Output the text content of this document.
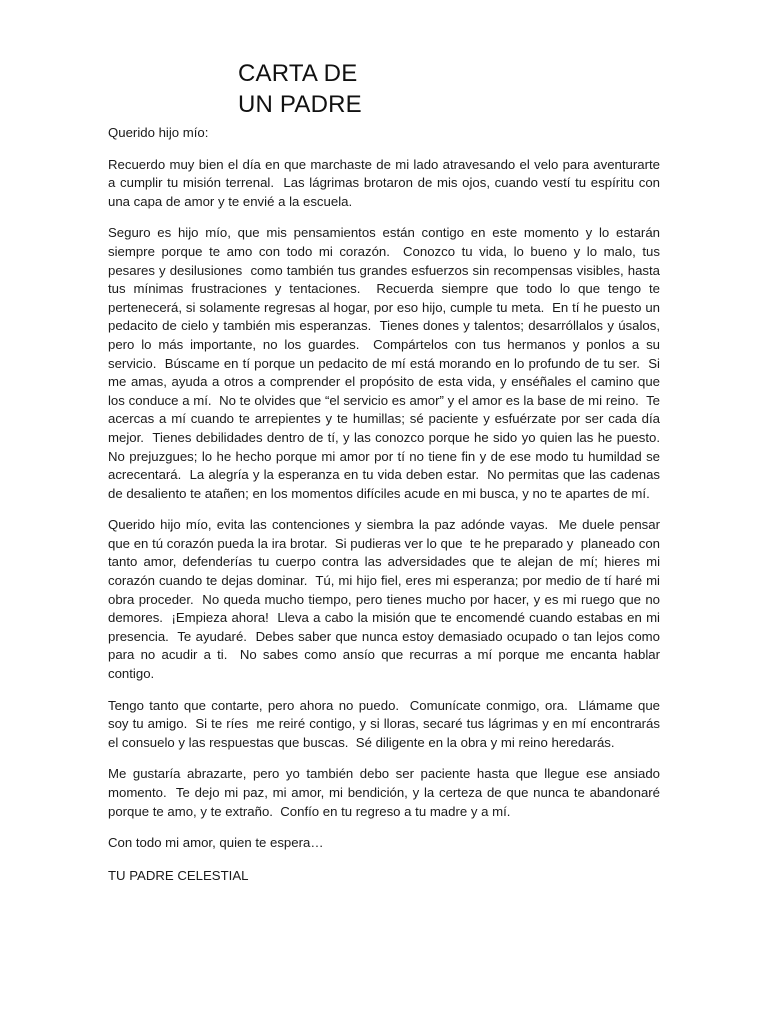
CARTA DE
UN PADRE

Querido hijo mío:

Recuerdo muy bien el día en que marchaste de mi lado atravesando el velo para aventurarte a cumplir tu misión terrenal.  Las lágrimas brotaron de mis ojos, cuando vestí tu espíritu con una capa de amor y te envié a la escuela.

Seguro es hijo mío, que mis pensamientos están contigo en este momento y lo estarán siempre porque te amo con todo mi corazón.  Conozco tu vida, lo bueno y lo malo, tus pesares y desilusiones  como también tus grandes esfuerzos sin recompensas visibles, hasta tus mínimas frustraciones y tentaciones.  Recuerda siempre que todo lo que tengo te pertenecerá, si solamente regresas al hogar, por eso hijo, cumple tu meta.  En tí he puesto un pedacito de cielo y también mis esperanzas.  Tienes dones y talentos; desarróllalos y úsalos, pero lo más importante, no los guardes.  Compártelos con tus hermanos y ponlos a su servicio.  Búscame en tí porque un pedacito de mí está morando en lo profundo de tu ser.  Si me amas, ayuda a otros a comprender el propósito de esta vida, y enséñales el camino que los conduce a mí.  No te olvides que “el servicio es amor” y el amor es la base de mi reino.  Te acercas a mí cuando te arrepientes y te humillas; sé paciente y esfuérzate por ser cada día mejor.  Tienes debilidades dentro de tí, y las conozco porque he sido yo quien las he puesto.  No prejuzgues; lo he hecho porque mi amor por tí no tiene fin y de ese modo tu humildad se acrecentará.  La alegría y la esperanza en tu vida deben estar.  No permitas que las cadenas de desaliento te atañen; en los momentos difíciles acude en mi busca, y no te apartes de mí.

Querido hijo mío, evita las contenciones y siembra la paz adónde vayas.  Me duele pensar que en tú corazón pueda la ira brotar.  Si pudieras ver lo que  te he preparado y  planeado con tanto amor, defenderías tu cuerpo contra las adversidades que te alejan de mí; hieres mi corazón cuando te dejas dominar.  Tú, mi hijo fiel, eres mi esperanza; por medio de tí haré mi obra proceder.  No queda mucho tiempo, pero tienes mucho por hacer, y es mi ruego que no demores.  ¡Empieza ahora!  Lleva a cabo la misión que te encomendé cuando estabas en mi presencia.  Te ayudaré.  Debes saber que nunca estoy demasiado ocupado o tan lejos como para no acudir a ti.  No sabes como ansío que recurras a mí porque me encanta hablar contigo.

Tengo tanto que contarte, pero ahora no puedo.  Comunícate conmigo, ora.  Llámame que soy tu amigo.  Si te ríes  me reiré contigo, y si lloras, secaré tus lágrimas y en mí encontrarás el consuelo y las respuestas que buscas.  Sé diligente en la obra y mi reino heredarás.

Me gustaría abrazarte, pero yo también debo ser paciente hasta que llegue ese ansiado momento.  Te dejo mi paz, mi amor, mi bendición, y la certeza de que nunca te abandonaré porque te amo, y te extraño.  Confío en tu regreso a tu madre y a mí.

Con todo mi amor, quien te espera…

TU PADRE CELESTIAL
